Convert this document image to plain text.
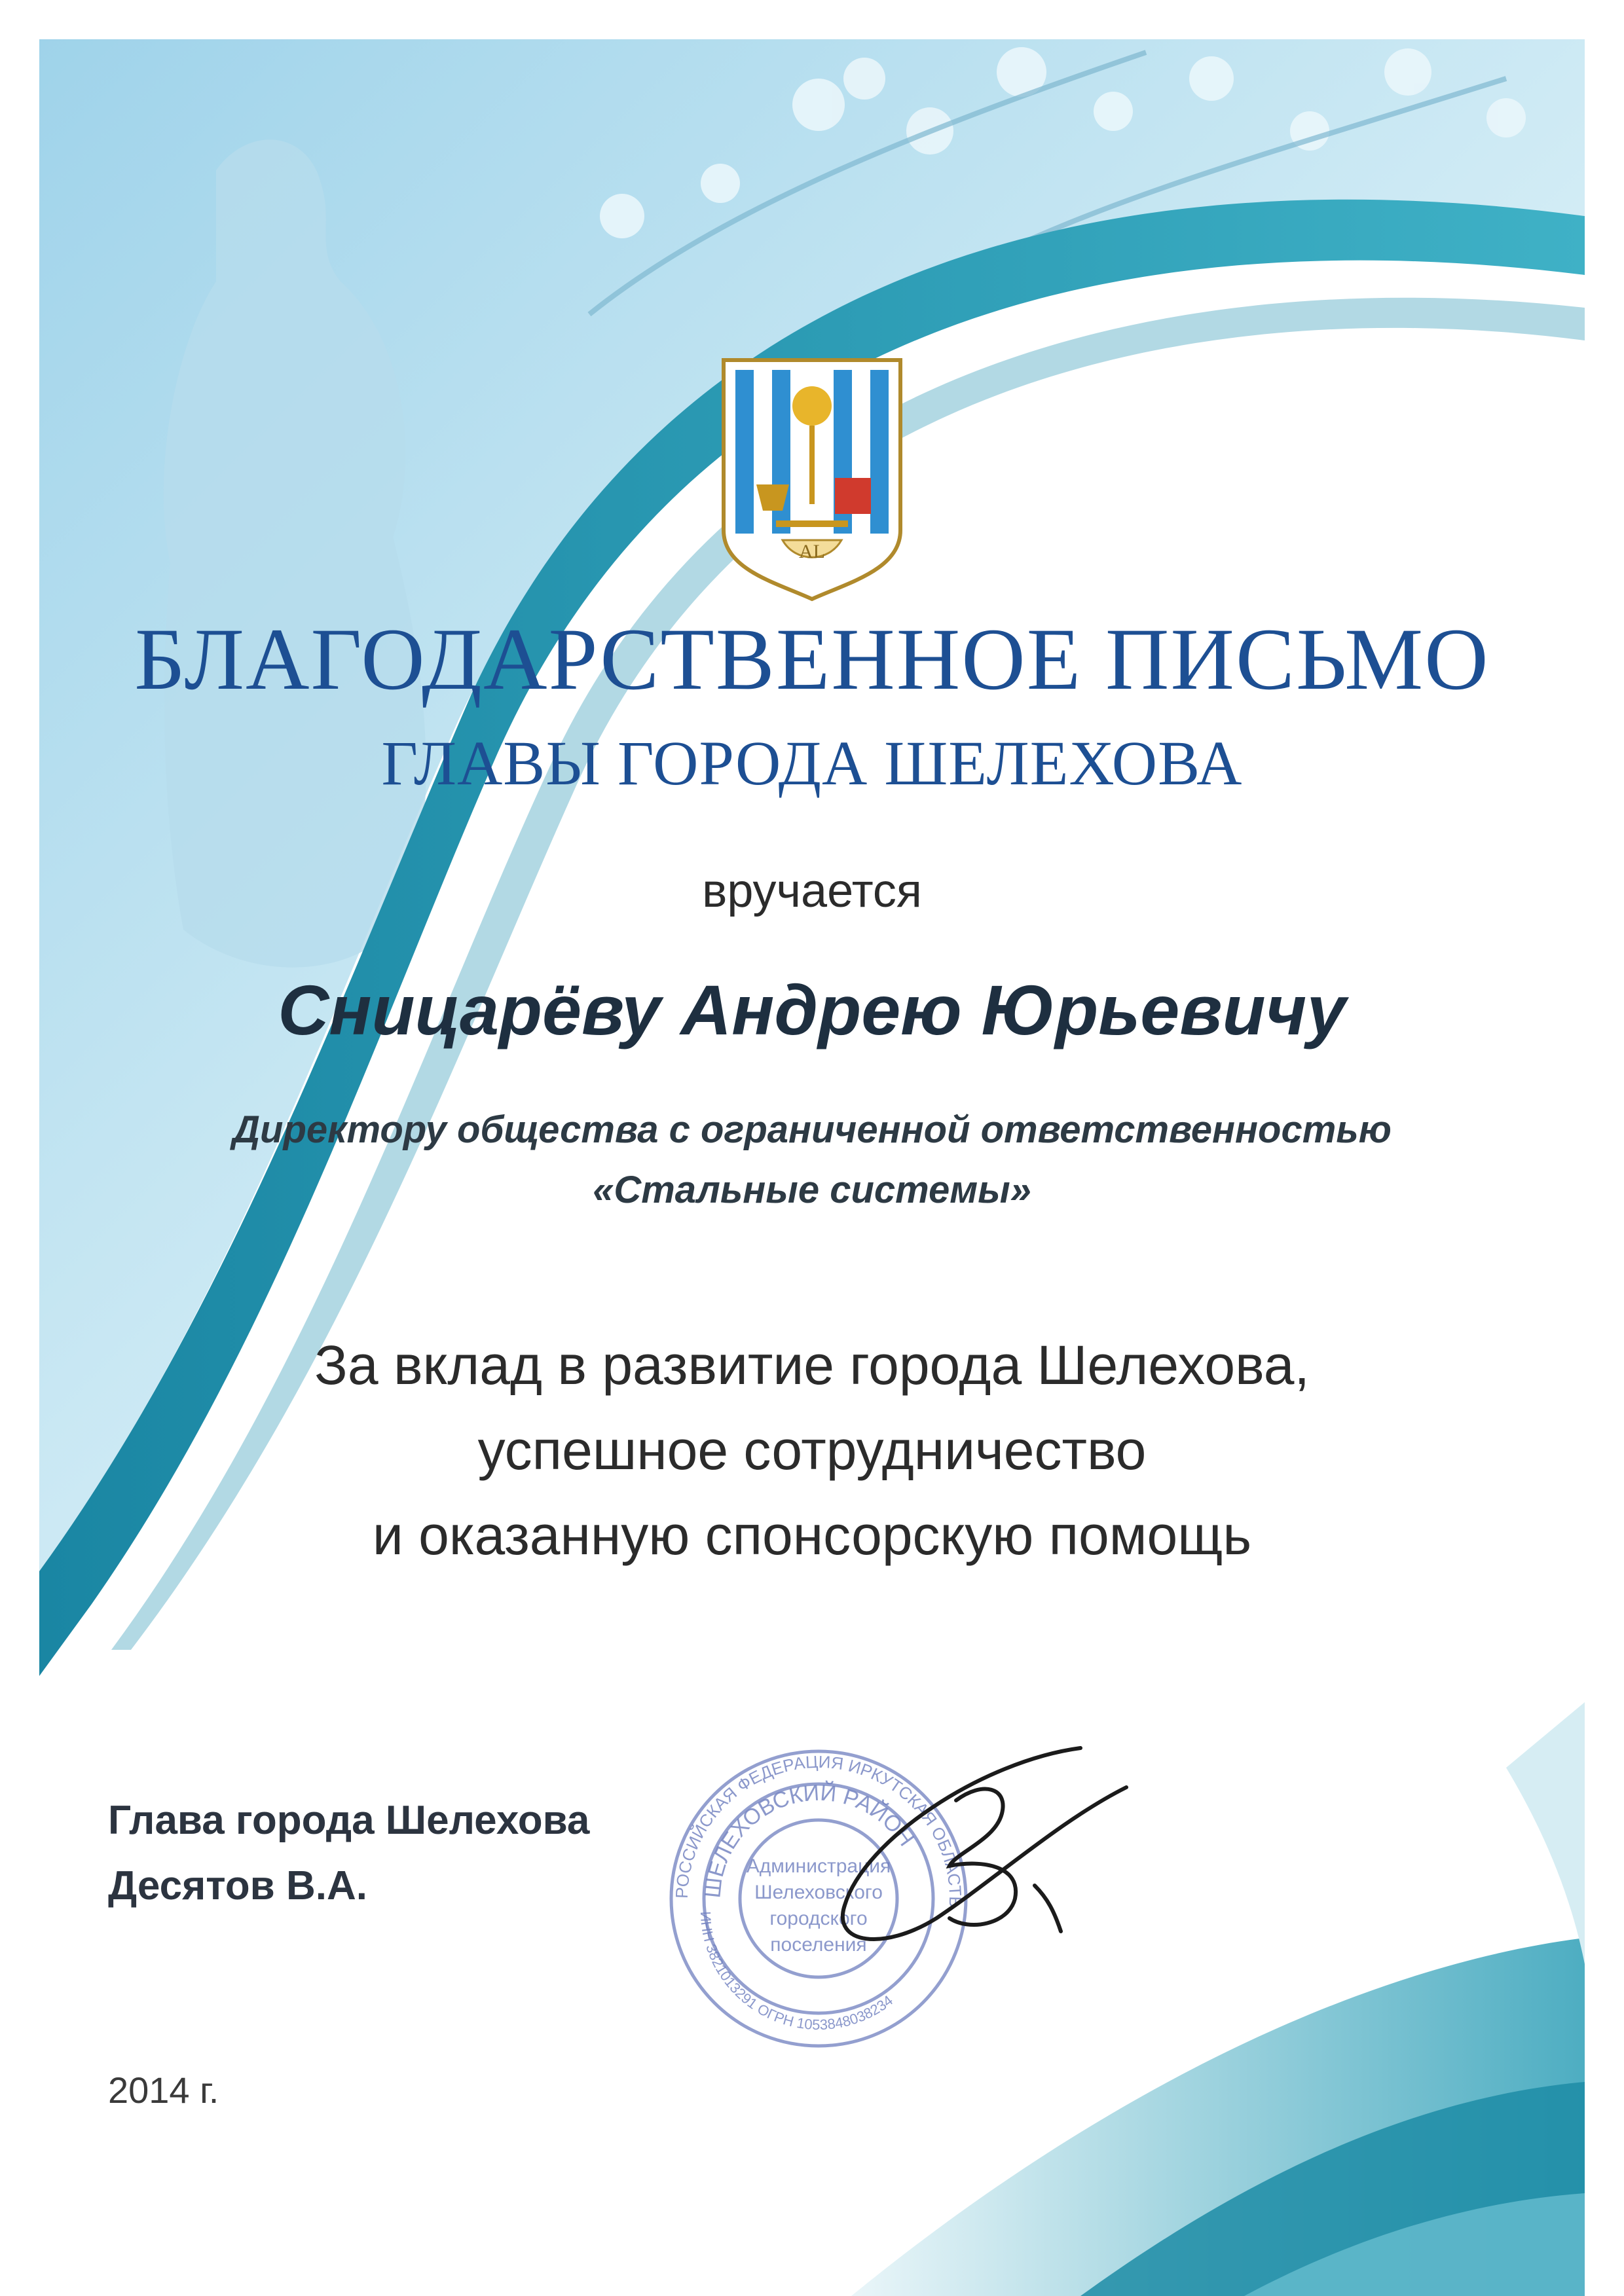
AL
БЛАГОДАРСТВЕННОЕ ПИСЬМО
ГЛАВЫ ГОРОДА ШЕЛЕХОВА
вручается
Сницарёву Андрею Юрьевичу
Директору общества с ограниченной ответственностью
«Стальные системы»
За вклад в развитие города Шелехова,
успешное сотрудничество
и оказанную спонсорскую помощь
Глава города Шелехова
Десятов В.А.
2014 г.
РОССИЙСКАЯ ФЕДЕРАЦИЯ ИРКУТСКАЯ ОБЛАСТЬ
ШЕЛЕХОВСКИЙ РАЙОН
ИНН 3821013291 ОГРН 1053848038234
Администрация
Шелеховского
городского
поселения
